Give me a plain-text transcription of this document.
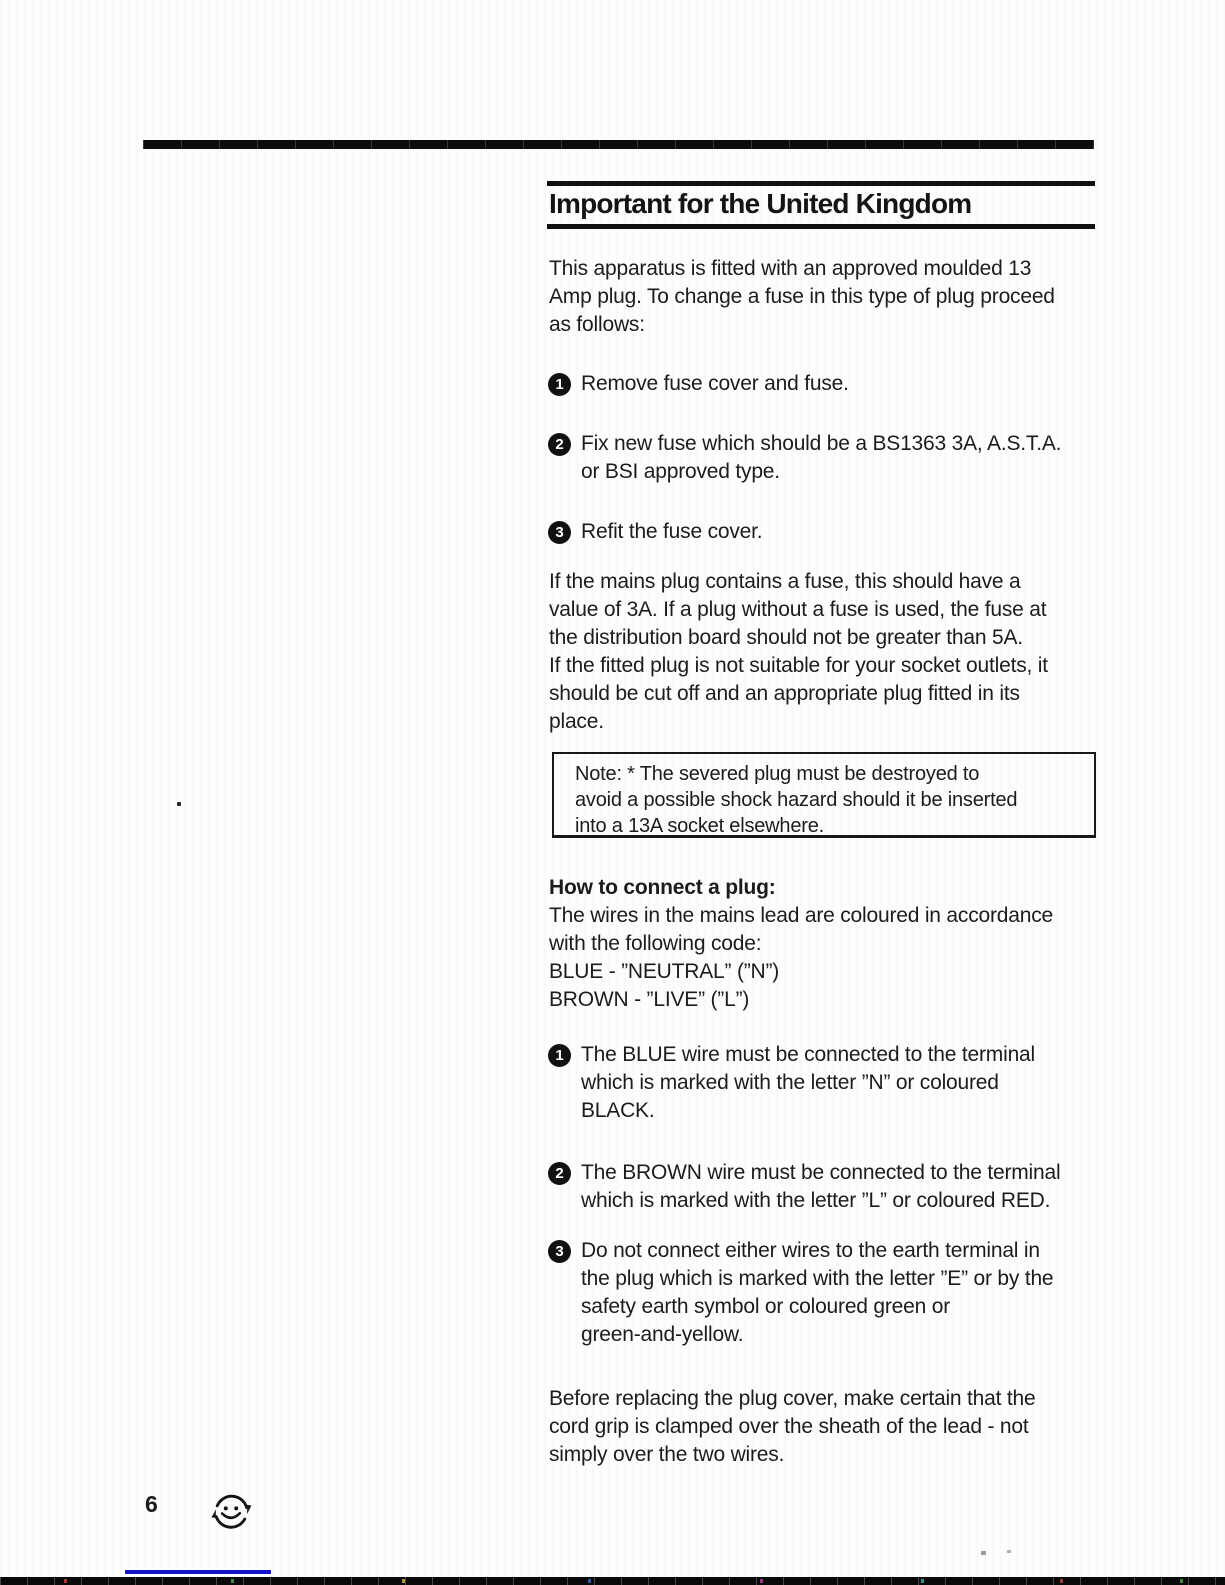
Important for the United Kingdom
This apparatus is fitted with an approved moulded 13
Amp plug. To change a fuse in this type of plug proceed
as follows:
1 Remove fuse cover and fuse.
2 Fix new fuse which should be a BS1363 3A, A.S.T.A.
or BSI approved type.
3 Refit the fuse cover.
If the mains plug contains a fuse, this should have a
value of 3A. If a plug without a fuse is used, the fuse at
the distribution board should not be greater than 5A.
If the fitted plug is not suitable for your socket outlets, it
should be cut off and an appropriate plug fitted in its
place.
Note: * The severed plug must be destroyed to
avoid a possible shock hazard should it be inserted
into a 13A socket elsewhere.
How to connect a plug:
The wires in the mains lead are coloured in accordance
with the following code:
BLUE - ”NEUTRAL” (”N”)
BROWN - ”LIVE” (”L”)
1 The BLUE wire must be connected to the terminal
which is marked with the letter ”N” or coloured
BLACK.
2 The BROWN wire must be connected to the terminal
which is marked with the letter ”L” or coloured RED.
3 Do not connect either wires to the earth terminal in
the plug which is marked with the letter ”E” or by the
safety earth symbol or coloured green or
green-and-yellow.
Before replacing the plug cover, make certain that the
cord grip is clamped over the sheath of the lead - not
simply over the two wires.
6
